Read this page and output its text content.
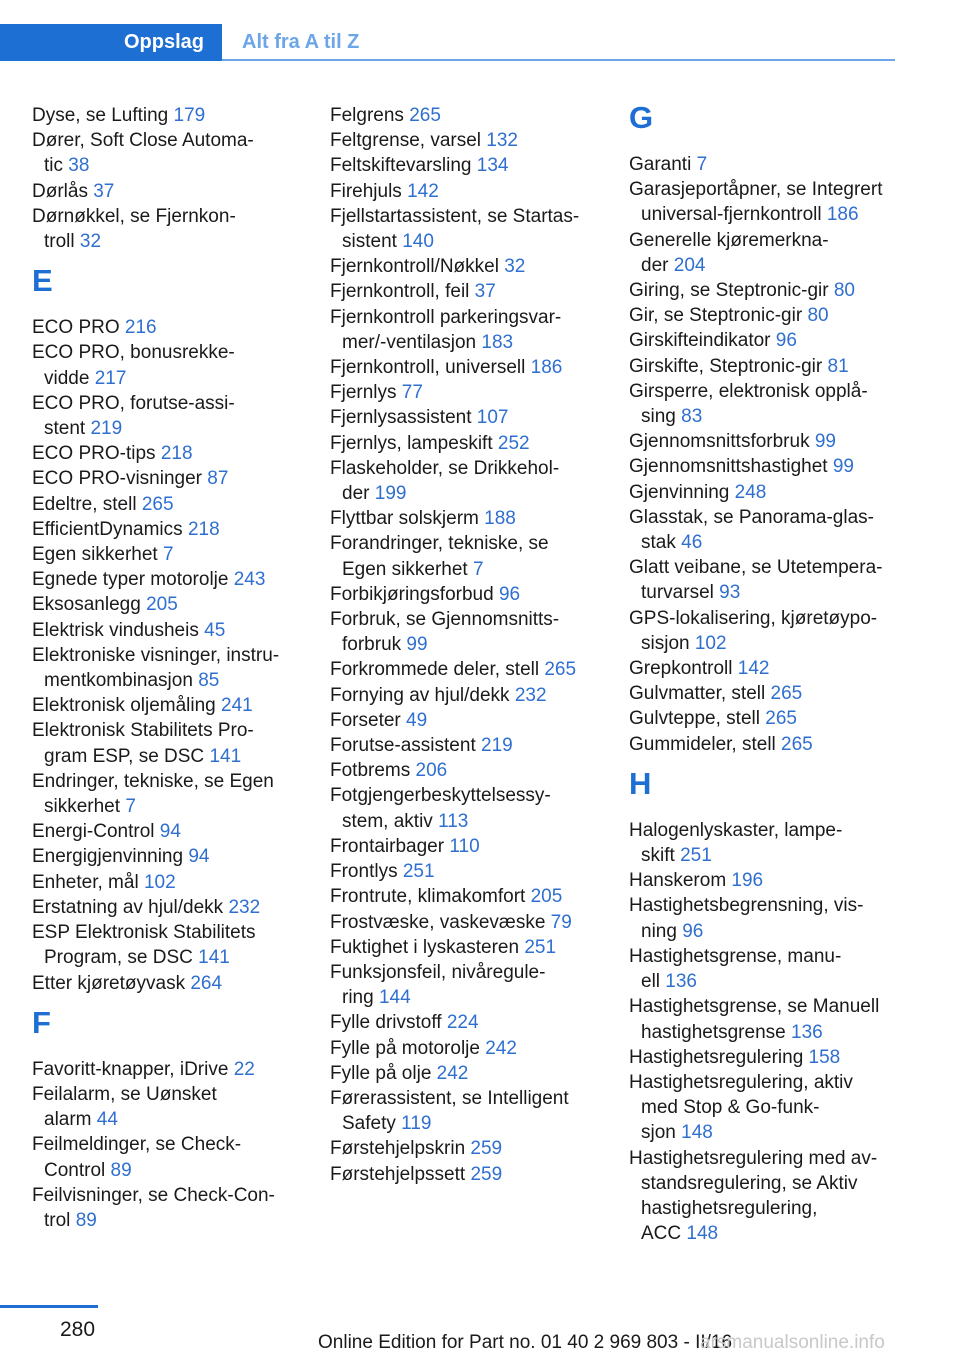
Oppslag	Alt fra A til Z
Dyse, se Lufting 179
Dører, Soft Close Automa-
tic 38
Dørlås 37
Dørnøkkel, se Fjernkon-
troll 32
E
ECO PRO 216
ECO PRO, bonusrekke-
vidde 217
ECO PRO, forutse-assi-
stent 219
ECO PRO-tips 218
ECO PRO-visninger 87
Edeltre, stell 265
EfficientDynamics 218
Egen sikkerhet 7
Egnede typer motorolje 243
Eksosanlegg 205
Elektrisk vindusheis 45
Elektroniske visninger, instru-
mentkombinasjon 85
Elektronisk oljemåling 241
Elektronisk Stabilitets Pro-
gram ESP, se DSC 141
Endringer, tekniske, se Egen
sikkerhet 7
Energi-Control 94
Energigjenvinning 94
Enheter, mål 102
Erstatning av hjul/dekk 232
ESP Elektronisk Stabilitets
Program, se DSC 141
Etter kjøretøyvask 264
F
Favoritt-knapper, iDrive 22
Feilalarm, se Uønsket
alarm 44
Feilmeldinger, se Check-
Control 89
Feilvisninger, se Check-Con-
trol 89
Felgrens 265
Feltgrense, varsel 132
Feltskiftevarsling 134
Firehjuls 142
Fjellstartassistent, se Startas-
sistent 140
Fjernkontroll/Nøkkel 32
Fjernkontroll, feil 37
Fjernkontroll parkeringsvar-
mer/-ventilasjon 183
Fjernkontroll, universell 186
Fjernlys 77
Fjernlysassistent 107
Fjernlys, lampeskift 252
Flaskeholder, se Drikkehol-
der 199
Flyttbar solskjerm 188
Forandringer, tekniske, se
Egen sikkerhet 7
Forbikjøringsforbud 96
Forbruk, se Gjennomsnitts-
forbruk 99
Forkrommede deler, stell 265
Fornying av hjul/dekk 232
Forseter 49
Forutse-assistent 219
Fotbrems 206
Fotgjengerbeskyttelsessy-
stem, aktiv 113
Frontairbager 110
Frontlys 251
Frontrute, klimakomfort 205
Frostvæske, vaskevæske 79
Fuktighet i lyskasteren 251
Funksjonsfeil, nivåregule-
ring 144
Fylle drivstoff 224
Fylle på motorolje 242
Fylle på olje 242
Førerassistent, se Intelligent
Safety 119
Førstehjelpskrin 259
Førstehjelpssett 259
G
Garanti 7
Garasjeportåpner, se Integrert
universal-fjernkontroll 186
Generelle kjøremerkna-
der 204
Giring, se Steptronic-gir 80
Gir, se Steptronic-gir 80
Girskifteindikator 96
Girskifte, Steptronic-gir 81
Girsperre, elektronisk opplå-
sing 83
Gjennomsnittsforbruk 99
Gjennomsnittshastighet 99
Gjenvinning 248
Glasstak, se Panorama-glas-
stak 46
Glatt veibane, se Utetempera-
turvarsel 93
GPS-lokalisering, kjøretøypo-
sisjon 102
Grepkontroll 142
Gulvmatter, stell 265
Gulvteppe, stell 265
Gummideler, stell 265
H
Halogenlyskaster, lampe-
skift 251
Hanskerom 196
Hastighetsbegrensning, vis-
ning 96
Hastighetsgrense, manu-
ell 136
Hastighetsgrense, se Manuell
hastighetsgrense 136
Hastighetsregulering 158
Hastighetsregulering, aktiv
med Stop & Go-funk-
sjon 148
Hastighetsregulering med av-
standsregulering, se Aktiv
hastighetsregulering,
ACC 148
280
Online Edition for Part no. 01 40 2 969 803 - II/16
arsmanualsonline.info
